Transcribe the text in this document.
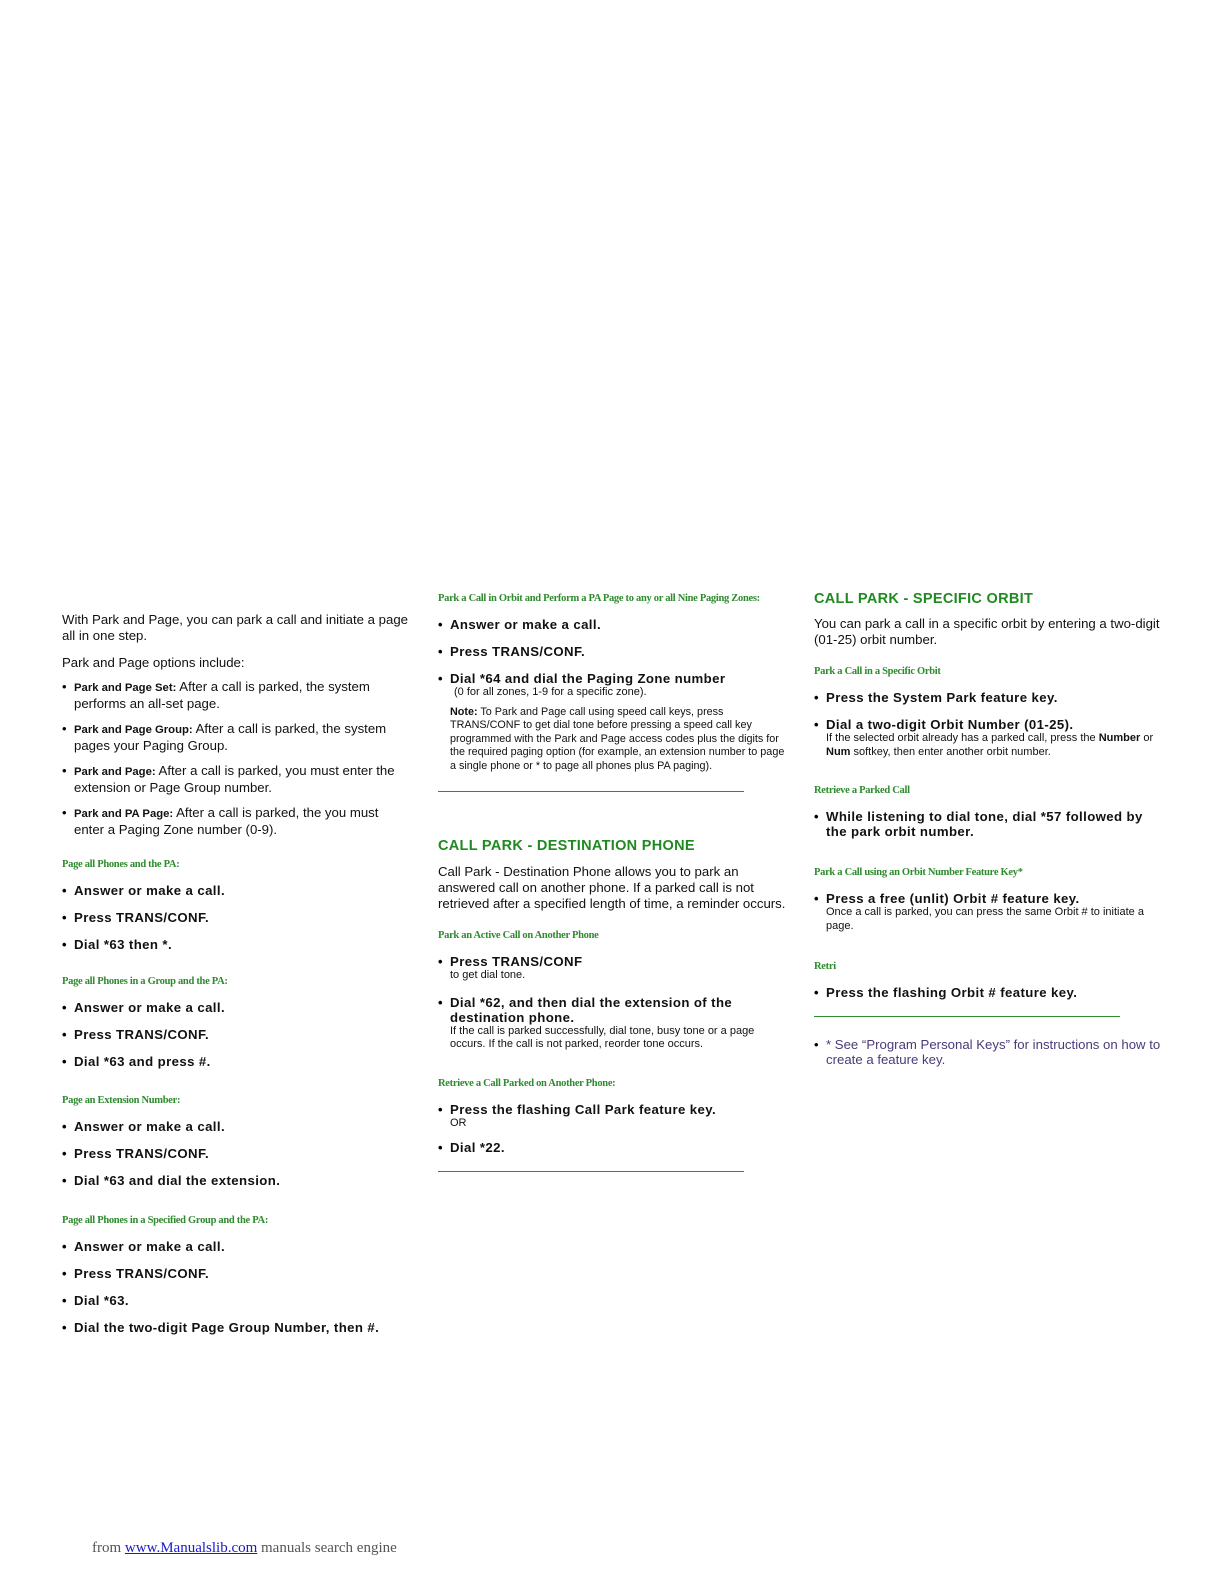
With Park and Page, you can park a call and initiate a page all in one step.

Park and Page options include:

• Park and Page Set: After a call is parked, the system performs an all-set page.
• Park and Page Group: After a call is parked, the system pages your Paging Group.
• Park and Page: After a call is parked, you must enter the extension or Page Group number.
• Park and PA Page: After a call is parked, the you must enter a Paging Zone number (0-9).

Page all Phones and the PA:

• Answer or make a call.
• Press TRANS/CONF.
• Dial *63 then *.

Page all Phones in a Group and the PA:

• Answer or make a call.
• Press TRANS/CONF.
• Dial *63 and press #.

Page an Extension Number:

• Answer or make a call.
• Press TRANS/CONF.
• Dial *63 and dial the extension.

Page all Phones in a Specified Group and the PA:

• Answer or make a call.
• Press TRANS/CONF.
• Dial *63.
• Dial the two-digit Page Group Number, then #.

Park a Call in Orbit and Perform a PA Page to any or all Nine Paging Zones:

• Answer or make a call.
• Press TRANS/CONF.
• Dial *64 and dial the Paging Zone number
(0 for all zones, 1-9 for a specific zone).

Note: To Park and Page call using speed call keys, press TRANS/CONF to get dial tone before pressing a speed call key programmed with the Park and Page access codes plus the digits for the required paging option (for example, an extension number to page a single phone or * to page all phones plus PA paging).

CALL PARK - DESTINATION PHONE

Call Park - Destination Phone allows you to park an answered call on another phone. If a parked call is not retrieved after a specified length of time, a reminder occurs.

Park an Active Call on Another Phone

• Press TRANS/CONF
to get dial tone.
• Dial *62, and then dial the extension of the destination phone.
If the call is parked successfully, dial tone, busy tone or a page occurs. If the call is not parked, reorder tone occurs.

Retrieve a Call Parked on Another Phone:

• Press the flashing Call Park feature key.
OR
• Dial *22.

CALL PARK - SPECIFIC ORBIT

You can park a call in a specific orbit by entering a two-digit (01-25) orbit number.

Park a Call in a Specific Orbit

• Press the System Park feature key.
• Dial a two-digit Orbit Number (01-25).
If the selected orbit already has a parked call, press the Number or Num softkey, then enter another orbit number.

Retrieve a Parked Call

• While listening to dial tone, dial *57 followed by the park orbit number.

Park a Call using an Orbit Number Feature Key*

• Press a free (unlit) Orbit # feature key.
Once a call is parked, you can press the same Orbit # to initiate a page.

Retri

• Press the flashing Orbit # feature key.
• * See “Program Personal Keys” for instructions on how to create a feature key.
from www.Manualslib.com manuals search engine
